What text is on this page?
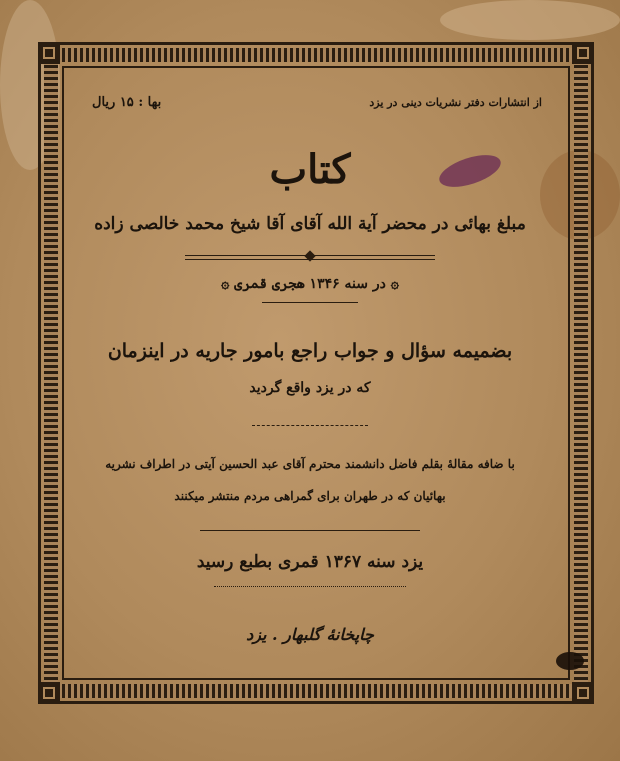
از انتشارات دفتر نشریات دینی در یزد
بها : ۱۵ ریال
کتاب
مبلغ بهائی در محضر آیة الله آقای آقا شیخ محمد خالصی زاده
۞ در سنه ۱۳۴۶ هجری قمری ۞
بضمیمه سؤال و جواب راجع بامور جاریه در اینزمان
که در یزد واقع گردید
با ضافه مقالهٔ بقلم فاضل دانشمند محترم آقای عبد الحسین آیتی در اطراف نشریه
بهائیان که در طهران برای گمراهی مردم منتشر میکنند
یزد سنه ۱۳۶۷ قمری بطبع رسید
چاپخانهٔ گلبهار . یزد
